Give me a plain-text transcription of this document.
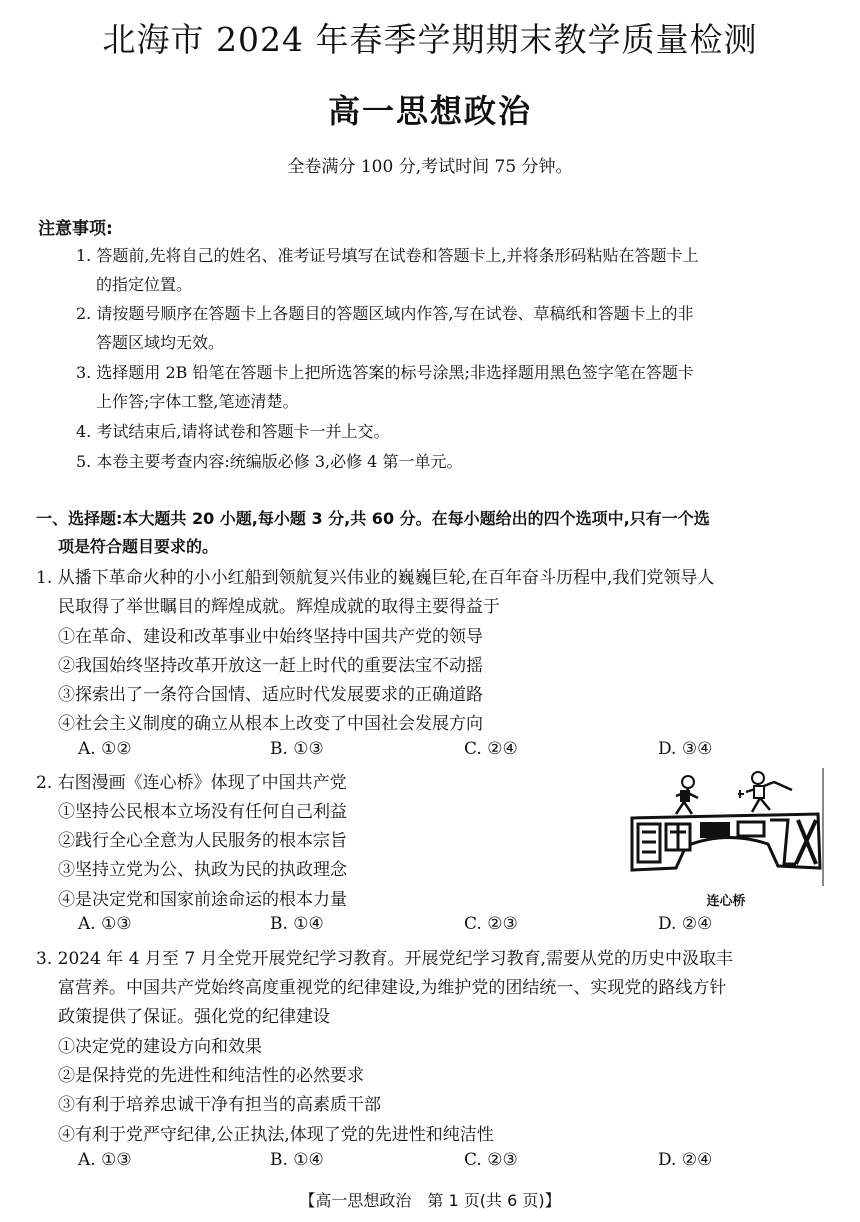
北海市 2024 年春季学期期末教学质量检测
高一思想政治
全卷满分 100 分,考试时间 75 分钟。
注意事项:
1. 答题前,先将自己的姓名、准考证号填写在试卷和答题卡上,并将条形码粘贴在答题卡上
的指定位置。
2. 请按题号顺序在答题卡上各题目的答题区域内作答,写在试卷、草稿纸和答题卡上的非
答题区域均无效。
3. 选择题用 2B 铅笔在答题卡上把所选答案的标号涂黑;非选择题用黑色签字笔在答题卡
上作答;字体工整,笔迹清楚。
4. 考试结束后,请将试卷和答题卡一并上交。
5. 本卷主要考查内容:统编版必修 3,必修 4 第一单元。
一、选择题:本大题共 20 小题,每小题 3 分,共 60 分。在每小题给出的四个选项中,只有一个选
项是符合题目要求的。
1. 从播下革命火种的小小红船到领航复兴伟业的巍巍巨轮,在百年奋斗历程中,我们党领导人
民取得了举世瞩目的辉煌成就。辉煌成就的取得主要得益于
①在革命、建设和改革事业中始终坚持中国共产党的领导
②我国始终坚持改革开放这一赶上时代的重要法宝不动摇
③探索出了一条符合国情、适应时代发展要求的正确道路
④社会主义制度的确立从根本上改变了中国社会发展方向
A. ①②	B. ①③	C. ②④	D. ③④
2. 右图漫画《连心桥》体现了中国共产党
①坚持公民根本立场没有任何自己利益
②践行全心全意为人民服务的根本宗旨
③坚持立党为公、执政为民的执政理念
④是决定党和国家前途命运的根本力量
A. ①③	B. ①④	C. ②③	D. ②④
连心桥
3. 2024 年 4 月至 7 月全党开展党纪学习教育。开展党纪学习教育,需要从党的历史中汲取丰
富营养。中国共产党始终高度重视党的纪律建设,为维护党的团结统一、实现党的路线方针
政策提供了保证。强化党的纪律建设
①决定党的建设方向和效果
②是保持党的先进性和纯洁性的必然要求
③有利于培养忠诚干净有担当的高素质干部
④有利于党严守纪律,公正执法,体现了党的先进性和纯洁性
A. ①③	B. ①④	C. ②③	D. ②④
【高一思想政治　第 1 页(共 6 页)】
